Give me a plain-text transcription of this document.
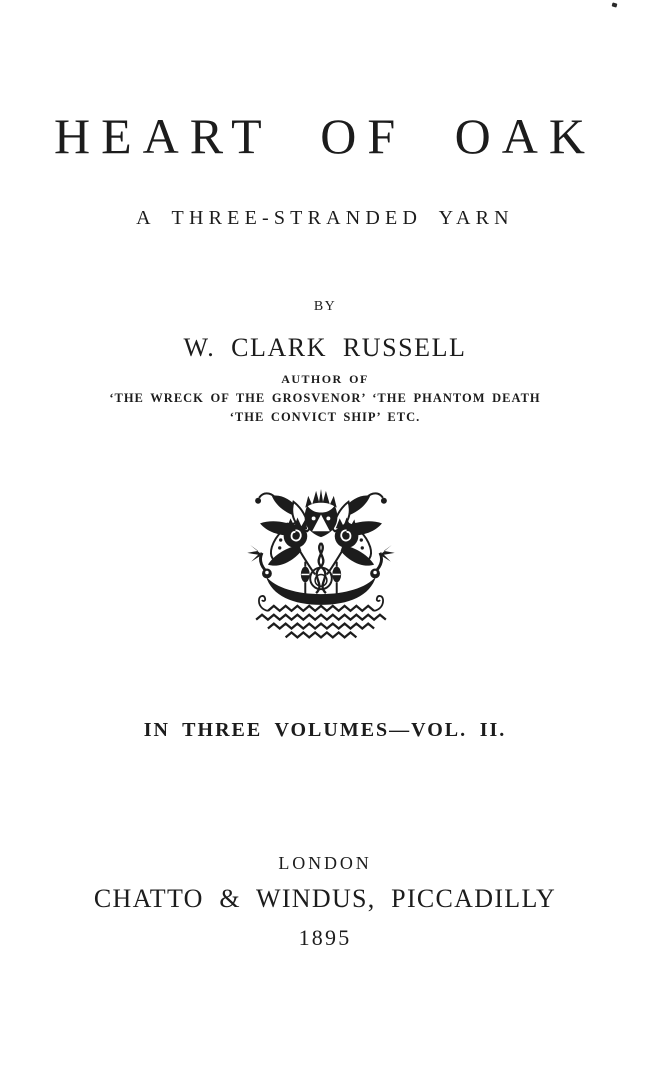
HEART OF OAK
A THREE-STRANDED YARN
BY
W. CLARK RUSSELL
AUTHOR OF
‘THE WRECK OF THE GROSVENOR’ ‘THE PHANTOM DEATH
‘THE CONVICT SHIP’ ETC.
IN THREE VOLUMES—VOL. II.
LONDON
CHATTO & WINDUS, PICCADILLY
1895
